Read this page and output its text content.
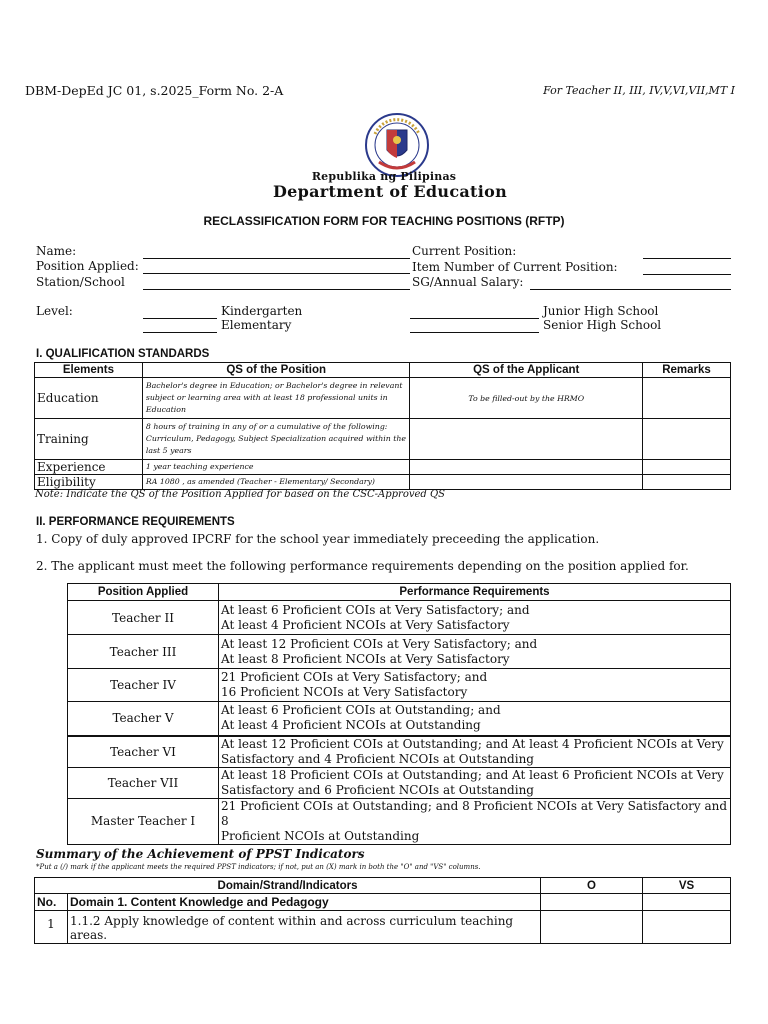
DBM-DepEd JC 01, s.2025_Form No. 2-A	For Teacher II, III, IV,V,VI,VII,MT I
Republika ng Pilipinas
Department of Education
RECLASSIFICATION FORM FOR TEACHING POSITIONS (RFTP)
Name:
Position Applied:
Station/School
Current Position:
Item Number of Current Position:
SG/Annual Salary:
Level:	Kindergarten
Elementary
Junior High School
Senior High School
I. QUALIFICATION STANDARDS
Elements	QS of the Position	QS of the Applicant	Remarks
Education	Bachelor's degree in Education; or Bachelor's degree in relevant subject or learning area with at least 18 professional units in Education	To be filled-out by the HRMO	
Training	8 hours of training in any of or a cumulative of the following: Curriculum, Pedagogy, Subject Specialization acquired within the last 5 years		
Experience	1 year teaching experience		
Eligibility	RA 1080 , as amended (Teacher - Elementary/ Secondary)		
Note: Indicate the QS of the Position Applied for based on the CSC-Approved QS
II. PERFORMANCE REQUIREMENTS
1. Copy of duly approved IPCRF for the school year immediately preceeding the application.
2. The applicant must meet the following performance requirements depending on the position applied for.
Position Applied	Performance Requirements
Teacher II	At least 6 Proficient COIs at Very Satisfactory; and
At least 4 Proficient NCOIs at Very Satisfactory

Teacher III	At least 12 Proficient COIs at Very Satisfactory; and
At least 8 Proficient NCOIs at Very Satisfactory

Teacher IV	21 Proficient COIs at Very Satisfactory; and
16 Proficient NCOIs at Very Satisfactory

Teacher V	At least 6 Proficient COIs at Outstanding; and
At least 4 Proficient NCOIs at Outstanding

Teacher VI	At least 12 Proficient COIs at Outstanding; and At least 4 Proficient NCOIs at Very
Satisfactory and 4 Proficient NCOIs at Outstanding

Teacher VII	At least 18 Proficient COIs at Outstanding; and At least 6 Proficient NCOIs at Very
Satisfactory and 6 Proficient NCOIs at Outstanding

Master Teacher I	21 Proficient COIs at Outstanding; and 8 Proficient NCOIs at Very Satisfactory and 8
Proficient NCOIs at Outstanding
Summary of the Achievement of PPST Indicators
*Put a (/) mark if the applicant meets the required PPST indicators; if not, put an (X) mark in both the "O" and "VS" columns.
Domain/Strand/Indicators		O	VS
No.	Domain 1. Content Knowledge and Pedagogy		
1	1.1.2 Apply knowledge of content within and across curriculum teaching areas.		
